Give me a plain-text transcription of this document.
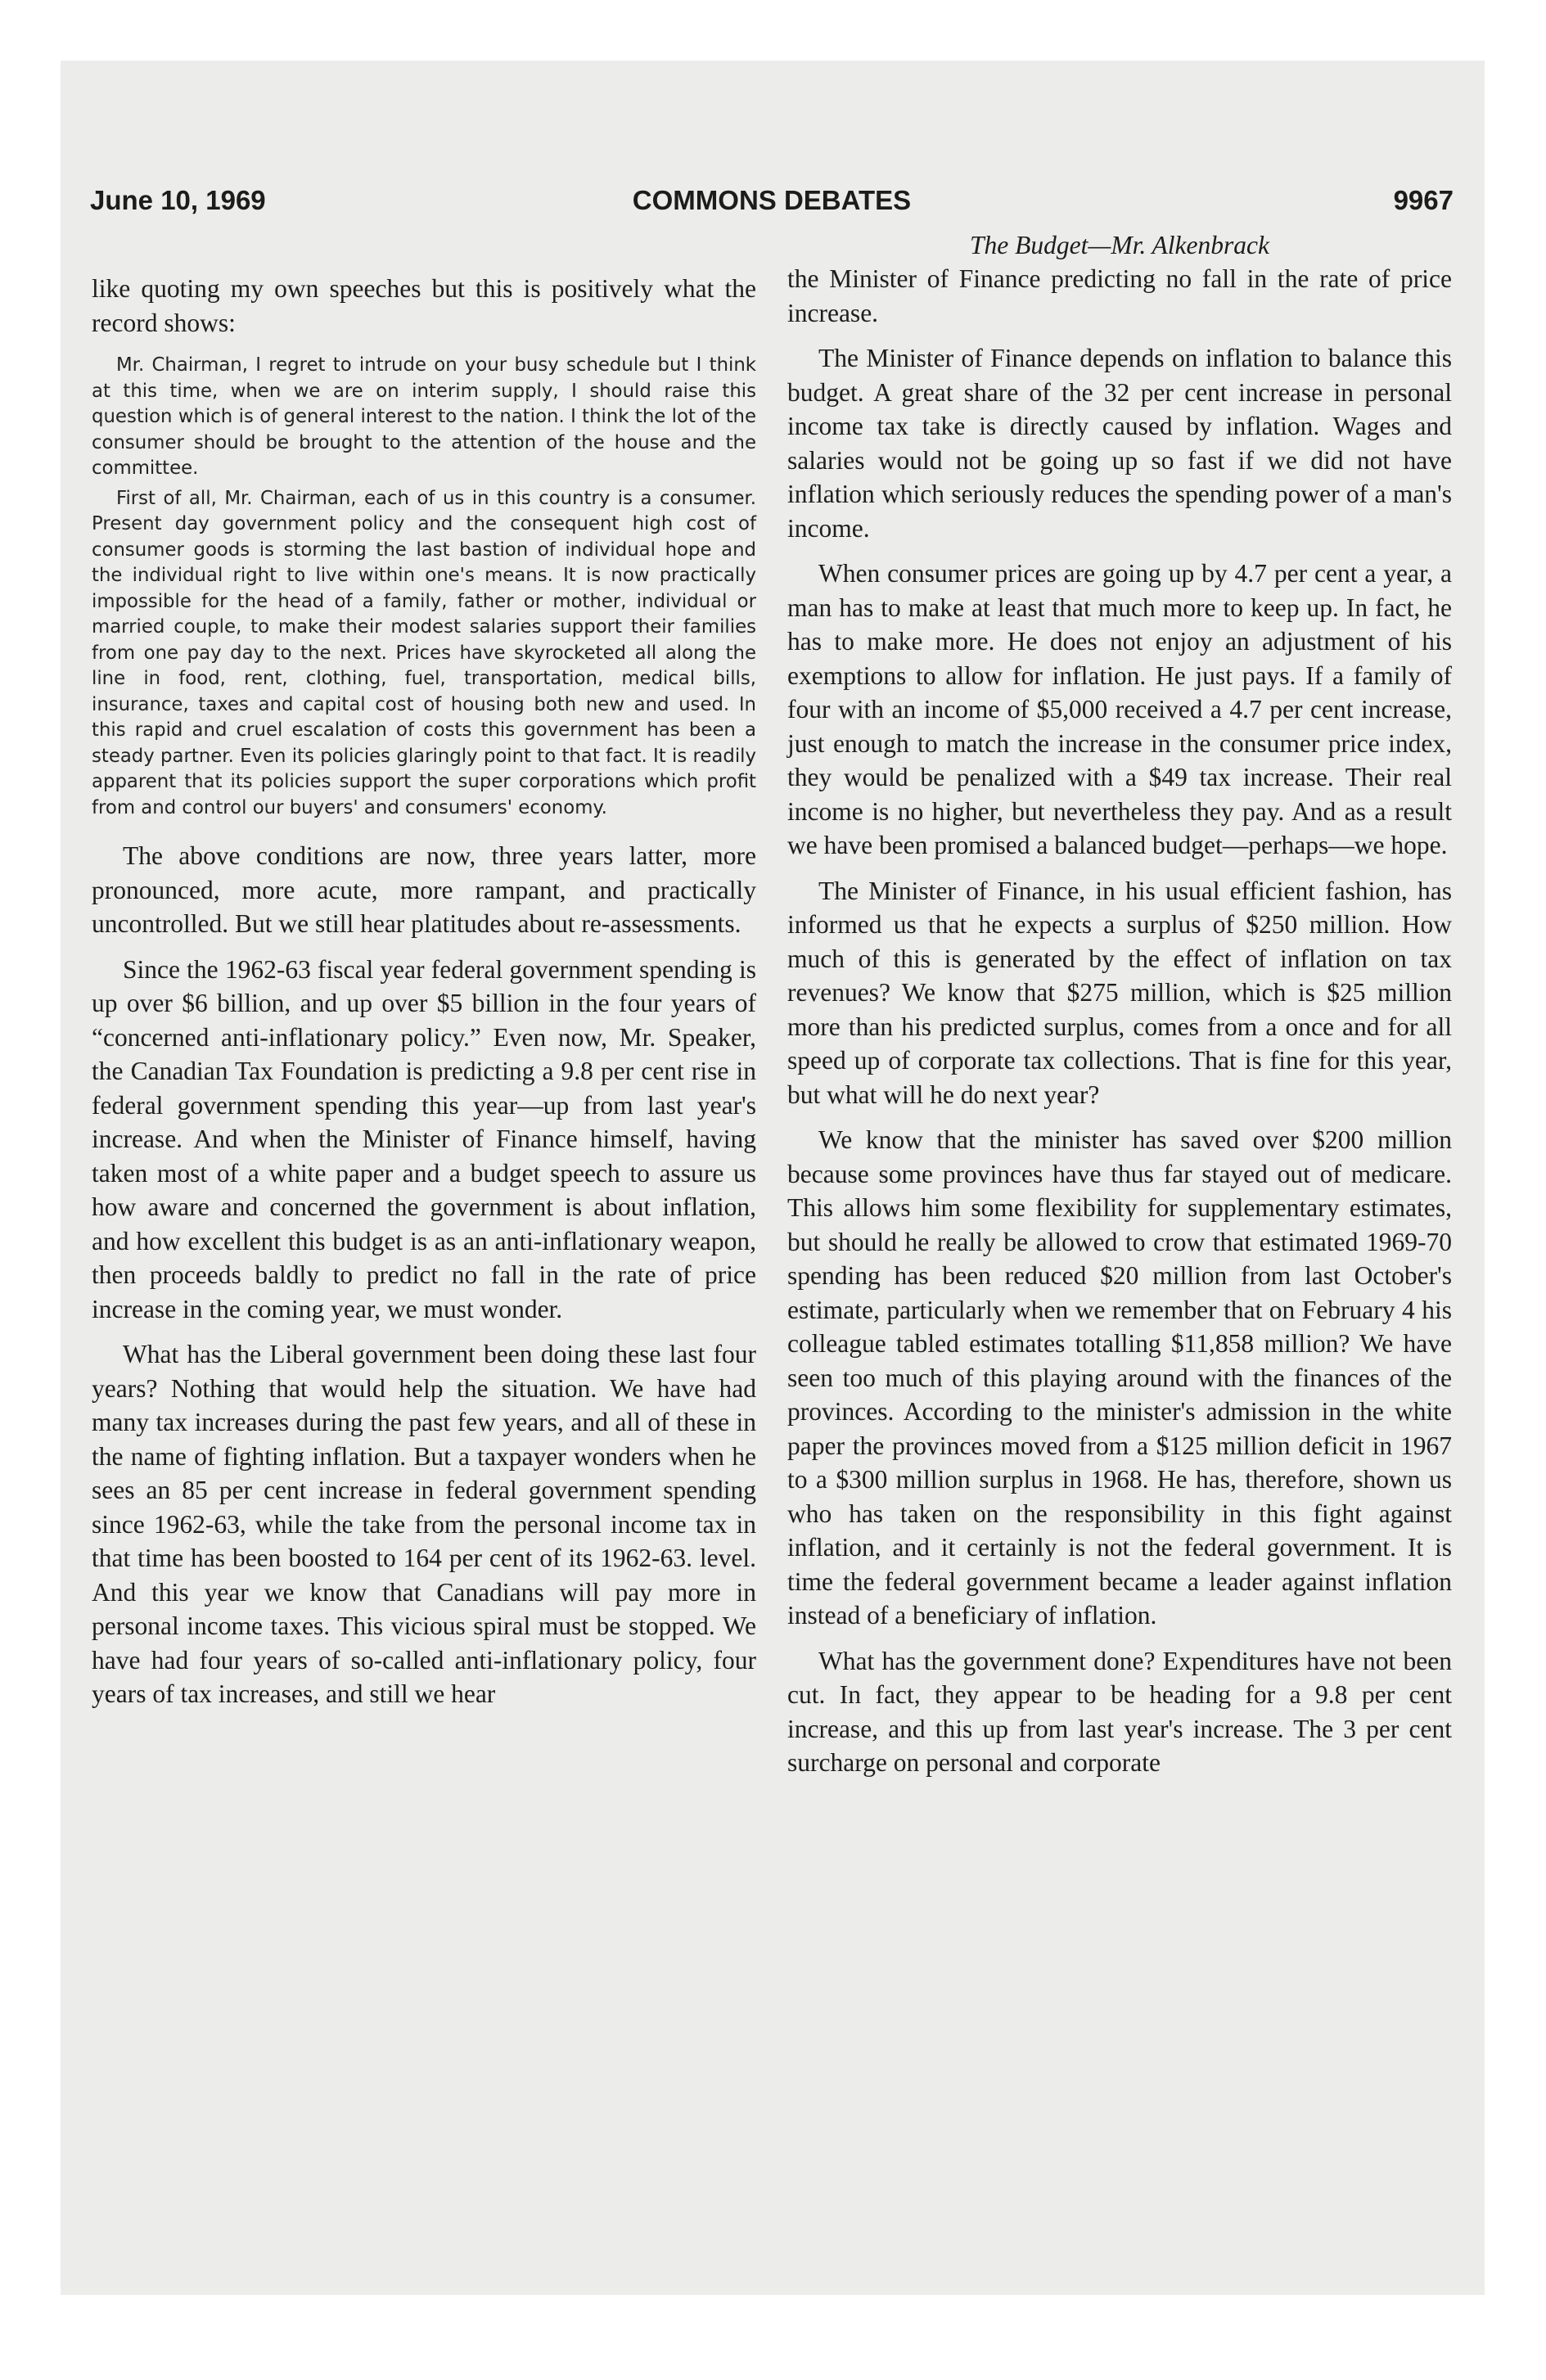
June 10, 1969	COMMONS DEBATES	9967

like quoting my own speeches but this is positively what the record shows:

Mr. Chairman, I regret to intrude on your busy schedule but I think at this time, when we are on interim supply, I should raise this question which is of general interest to the nation. I think the lot of the consumer should be brought to the attention of the house and the committee.

First of all, Mr. Chairman, each of us in this country is a consumer. Present day government policy and the consequent high cost of consumer goods is storming the last bastion of individual hope and the individual right to live within one's means. It is now practically impossible for the head of a family, father or mother, individual or married couple, to make their modest salaries support their families from one pay day to the next. Prices have skyrocketed all along the line in food, rent, clothing, fuel, transportation, medical bills, insurance, taxes and capital cost of housing both new and used. In this rapid and cruel escalation of costs this government has been a steady partner. Even its policies glaringly point to that fact. It is readily apparent that its policies support the super corporations which profit from and control our buyers' and consumers' economy.

The above conditions are now, three years latter, more pronounced, more acute, more rampant, and practically uncontrolled. But we still hear platitudes about re-assessments.

Since the 1962-63 fiscal year federal government spending is up over $6 billion, and up over $5 billion in the four years of “concerned anti-inflationary policy.” Even now, Mr. Speaker, the Canadian Tax Foundation is predicting a 9.8 per cent rise in federal government spending this year—up from last year's increase. And when the Minister of Finance himself, having taken most of a white paper and a budget speech to assure us how aware and concerned the government is about inflation, and how excellent this budget is as an anti-inflationary weapon, then proceeds baldly to predict no fall in the rate of price increase in the coming year, we must wonder.

What has the Liberal government been doing these last four years? Nothing that would help the situation. We have had many tax increases during the past few years, and all of these in the name of fighting inflation. But a taxpayer wonders when he sees an 85 per cent increase in federal government spending since 1962-63, while the take from the personal income tax in that time has been boosted to 164 per cent of its 1962-63. level. And this year we know that Canadians will pay more in personal income taxes. This vicious spiral must be stopped. We have had four years of so-called anti-inflationary policy, four years of tax increases, and still we hear

The Budget—Mr. Alkenbrack

the Minister of Finance predicting no fall in the rate of price increase.

The Minister of Finance depends on inflation to balance this budget. A great share of the 32 per cent increase in personal income tax take is directly caused by inflation. Wages and salaries would not be going up so fast if we did not have inflation which seriously reduces the spending power of a man's income.

When consumer prices are going up by 4.7 per cent a year, a man has to make at least that much more to keep up. In fact, he has to make more. He does not enjoy an adjustment of his exemptions to allow for inflation. He just pays. If a family of four with an income of $5,000 received a 4.7 per cent increase, just enough to match the increase in the consumer price index, they would be penalized with a $49 tax increase. Their real income is no higher, but nevertheless they pay. And as a result we have been promised a balanced budget—perhaps—we hope.

The Minister of Finance, in his usual efficient fashion, has informed us that he expects a surplus of $250 million. How much of this is generated by the effect of inflation on tax revenues? We know that $275 million, which is $25 million more than his predicted surplus, comes from a once and for all speed up of corporate tax collections. That is fine for this year, but what will he do next year?

We know that the minister has saved over $200 million because some provinces have thus far stayed out of medicare. This allows him some flexibility for supplementary estimates, but should he really be allowed to crow that estimated 1969-70 spending has been reduced $20 million from last October's estimate, particularly when we remember that on February 4 his colleague tabled estimates totalling $11,858 million? We have seen too much of this playing around with the finances of the provinces. According to the minister's admission in the white paper the provinces moved from a $125 million deficit in 1967 to a $300 million surplus in 1968. He has, therefore, shown us who has taken on the responsibility in this fight against inflation, and it certainly is not the federal government. It is time the federal government became a leader against inflation instead of a beneficiary of inflation.

What has the government done? Expenditures have not been cut. In fact, they appear to be heading for a 9.8 per cent increase, and this up from last year's increase. The 3 per cent surcharge on personal and corporate
